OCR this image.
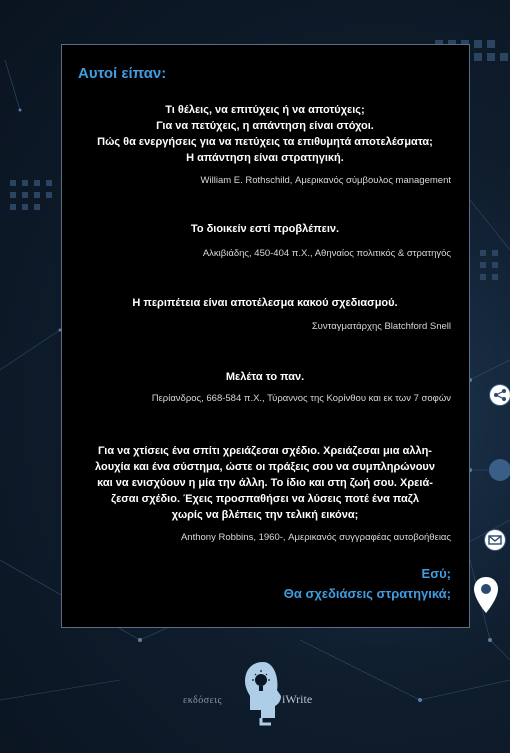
Αυτοί είπαν:

Τι θέλεις, να επιτύχεις ή να αποτύχεις;

Για να πετύχεις, η απάντηση είναι στόχοι.

Πώς θα ενεργήσεις για να πετύχεις τα επιθυμητά αποτελέσματα;

Η απάντηση είναι στρατηγική.

William E. Rothschild, Αμερικανός σύμβουλος management

Το διοικείν εστί προβλέπειν.

Αλκιβιάδης, 450-404 π.Χ., Αθηναίος πολιτικός & στρατηγός

Η περιπέτεια είναι αποτέλεσμα κακού σχεδιασμού.

Συνταγματάρχης Blatchford Snell

Μελέτα το παν.

Περίανδρος, 668-584 π.Χ., Τύραννος της Κορίνθου και εκ των 7 σοφών

Για να χτίσεις ένα σπίτι χρειάζεσαι σχέδιο. Χρειάζεσαι μια αλλη-

λουχία και ένα σύστημα, ώστε οι πράξεις σου να συμπληρώνουν

και να ενισχύουν η μία την άλλη. Το ίδιο και στη ζωή σου. Χρειά-

ζεσαι σχέδιο. Έχεις προσπαθήσει να λύσεις ποτέ ένα παζλ

χωρίς να βλέπεις την τελική εικόνα;

Anthony Robbins, 1960-, Αμερικανός συγγραφέας αυτοβοήθειας
Εσύ;
Θα σχεδιάσεις στρατηγικά;
εκδόσεις	iWrite
